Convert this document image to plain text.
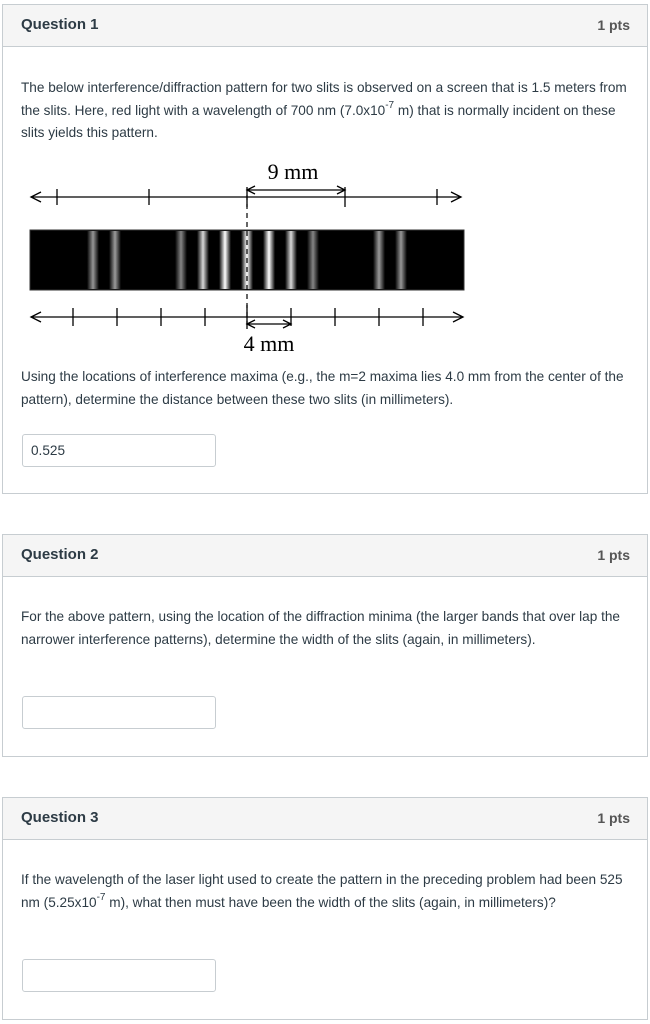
Question 1	1 pts
The below interference/diffraction pattern for two slits is observed on a screen that is 1.5 meters from the slits. Here, red light with a wavelength of 700 nm ($7.0x10^{-7}$ m) that is normally incident on these slits yields this pattern.
9 mm
4 mm
Using the locations of interference maxima (e.g., the m=2 maxima lies 4.0 mm from the center of the pattern), determine the distance between these two slits (in millimeters).
0.525
Question 2	1 pts
For the above pattern, using the location of the diffraction minima (the larger bands that over lap the narrower interference patterns), determine the width of the slits (again, in millimeters).
Question 3	1 pts
If the wavelength of the laser light used to create the pattern in the preceding problem had been 525 nm ($5.25x10^{-7}$ m), what then must have been the width of the slits (again, in millimeters)?
